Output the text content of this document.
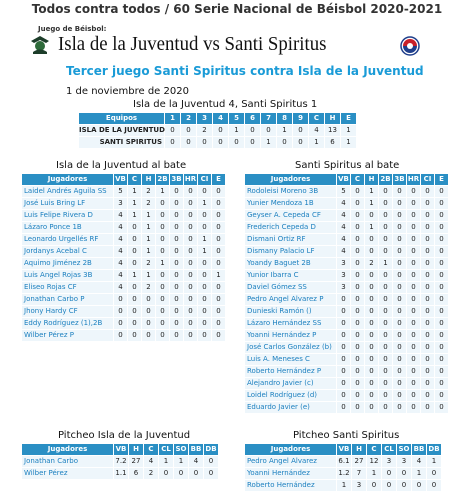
Todos contra todos / 60 Serie Nacional de Béisbol 2020-2021
Juego de Béisbol:
Isla de la Juventud vs Santi Spiritus
Tercer juego Santi Spiritus contra Isla de la Juventud
1 de noviembre de 2020
Isla de la Juventud 4, Santi Spiritus 1
Equipos	1	2	3	4	5	6	7	8	9	C	H	E
ISLA DE LA JUVENTUD	0	0	2	0	1	0	0	1	0	4	13	1
SANTI SPIRITUS	0	0	0	0	0	0	1	0	0	1	6	1
Isla de la Juventud al bate	Santi Spiritus al bate
Jugadores	VB	C	H	2B	3B	HR	CI	E
Laidel Andrés Aguila SS	5	1	2	1	0	0	0	0
José Luis Bring LF	3	1	2	0	0	0	1	0
Luis Felipe Rivera D	4	1	1	0	0	0	0	0
Lázaro Ponce 1B	4	0	1	0	0	0	0	0
Leonardo Urgellés RF	4	0	1	0	0	0	1	0
Jordanys Acebal C	4	0	1	0	0	0	1	0
Aquimo Jiménez 2B	4	0	2	1	0	0	0	0
Luis Angel Rojas 3B	4	1	1	0	0	0	0	1
Eliseo Rojas CF	4	0	2	0	0	0	0	0
Jonathan Carbo P	0	0	0	0	0	0	0	0
Jhony Hardy CF	0	0	0	0	0	0	0	0
Eddy Rodríguez (1),2B	0	0	0	0	0	0	0	0
Wilber Pérez P	0	0	0	0	0	0	0	0
Jugadores	VB	C	H	2B	3B	HR	CI	E
Rodoleisi Moreno 3B	5	0	1	0	0	0	0	0
Yunier Mendoza 1B	4	0	1	0	0	0	0	0
Geyser A. Cepeda CF	4	0	0	0	0	0	0	0
Frederich Cepeda D	4	0	1	0	0	0	0	0
Dismani Ortiz RF	4	0	0	0	0	0	0	0
Dismany Palacio LF	4	0	0	0	0	0	0	0
Yoandy Baguet 2B	3	0	2	1	0	0	0	0
Yunior Ibarra C	3	0	0	0	0	0	0	0
Daviel Gómez SS	3	0	0	0	0	0	0	0
Pedro Angel Alvarez P	0	0	0	0	0	0	0	0
Dunieski Ramón ()	0	0	0	0	0	0	0	0
Lázaro Hernández SS	0	0	0	0	0	0	0	0
Yoanni Hernández P	0	0	0	0	0	0	0	0
José Carlos González (b)	0	0	0	0	0	0	0	0
Luis A. Meneses C	0	0	0	0	0	0	0	0
Roberto Hernández P	0	0	0	0	0	0	0	0
Alejandro Javier (c)	0	0	0	0	0	0	0	0
Loidel Rodríguez (d)	0	0	0	0	0	0	0	0
Eduardo Javier (e)	0	0	0	0	0	0	0	0
Pitcheo Isla de la Juventud	Pitcheo Santi Spiritus
Jugadores	VB	H	C	CL	SO	BB	DB
Jonathan Carbo	7.2	27	4	1	1	4	0
Wilber Pérez	1.1	6	2	0	0	0	0
Jugadores	VB	H	C	CL	SO	BB	DB
Pedro Angel Alvarez	6.1	27	12	3	3	4	1
Yoanni Hernández	1.2	7	1	0	0	1	0
Roberto Hernández	1	3	0	0	0	0	0
